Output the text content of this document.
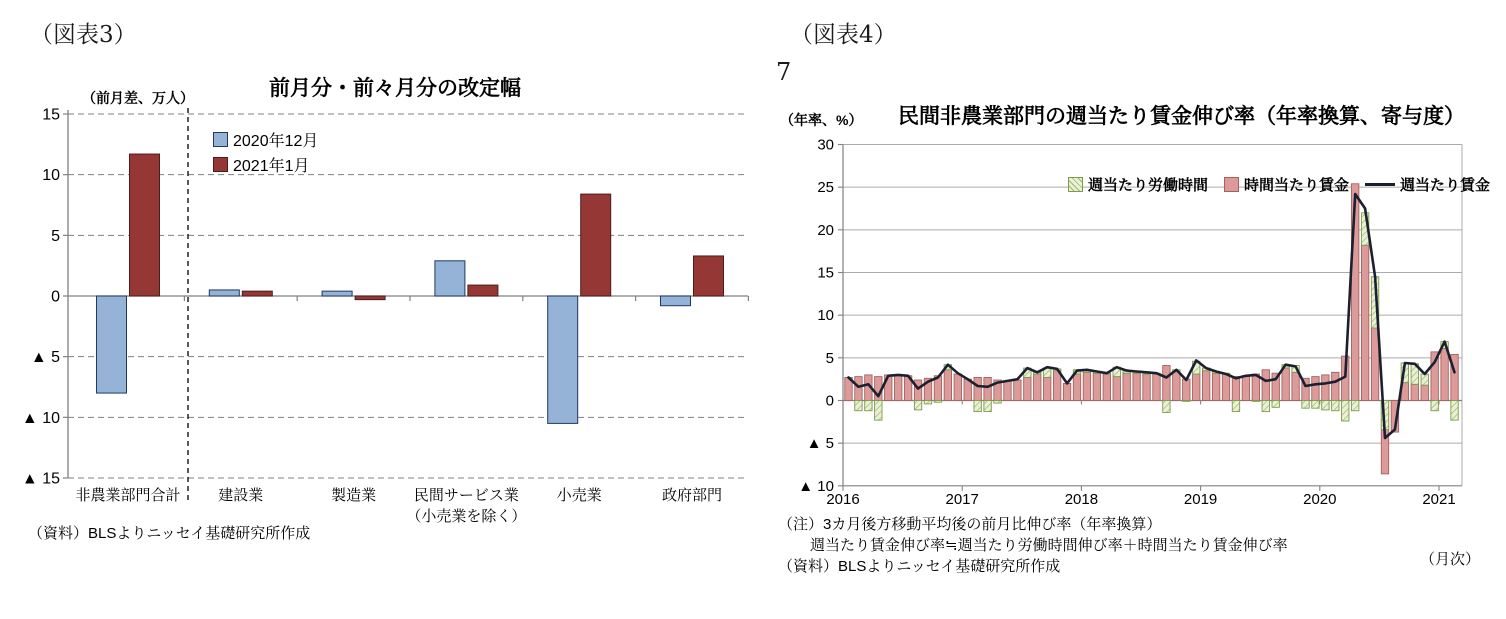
15
10
5
0
▲ 5
▲ 10
▲ 15
非農業部門合計	建設業	製造業	民間サービス業
（小売業を除く）
小売業	政府部門
30
25
20
15
10
5
0
▲ 5
▲ 10
2016	2017	2018	2019	2020	2021
（図表3）
（前月差、万人）	前月分・前々月分の改定幅
2020年12月
2021年1月
（資料）BLSよりニッセイ基礎研究所作成
（図表4）
7
（年率、%） 民間非農業部門の週当たり賃金伸び率（年率換算、寄与度）
週当たり労働時間 時間当たり賃金	週当たり賃金
（注）3カ月後方移動平均後の前月比伸び率（年率換算）
週当たり賃金伸び率≒週当たり労働時間伸び率＋時間当たり賃金伸び率
（資料）BLSよりニッセイ基礎研究所作成	（月次）
